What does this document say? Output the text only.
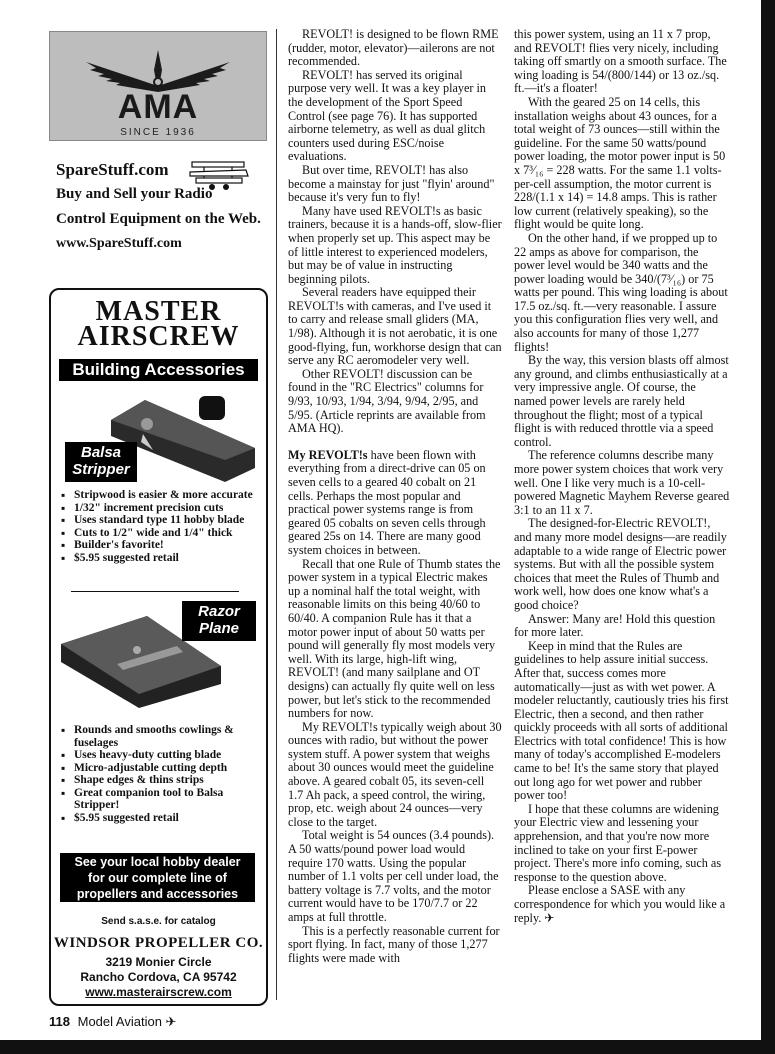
AMA
SINCE 1936
SpareStuff.com
Buy and Sell your Radio
Control Equipment on the Web.
www.SpareStuff.com
MASTER
AIRSCREW
Building Accessories
Balsa
Stripper
▪ Stripwood is easier & more accurate
▪ 1/32" increment precision cuts
▪ Uses standard type 11 hobby blade
▪ Cuts to 1/2" wide and 1/4" thick
▪ Builder's favorite!
▪ $5.95 suggested retail
Razor
Plane
▪ Rounds and smooths cowlings & fuselages
▪ Uses heavy-duty cutting blade
▪ Micro-adjustable cutting depth
▪ Shape edges & thins strips
▪ Great companion tool to Balsa Stripper!
▪ $5.95 suggested retail
See your local hobby dealer
for our complete line of
propellers and accessories
Send s.a.s.e. for catalog
WINDSOR PROPELLER CO.
3219 Monier Circle
Rancho Cordova, CA 95742
www.masterairscrew.com

REVOLT! is designed to be flown RME (rudder, motor, elevator)—ailerons are not recommended.

REVOLT! has served its original purpose very well. It was a key player in the development of the Sport Speed Control (see page 76). It has supported airborne telemetry, as well as dual glitch counters used during ESC/noise evaluations.

But over time, REVOLT! has also become a mainstay for just "flyin' around" because it's very fun to fly!

Many have used REVOLT!s as basic trainers, because it is a hands-off, slow-flier when properly set up. This aspect may be of little interest to experienced modelers, but may be of value in instructing beginning pilots.

Several readers have equipped their REVOLT!s with cameras, and I've used it to carry and release small gliders (MA, 1/98). Although it is not aerobatic, it is one good-flying, fun, workhorse design that can serve any RC aeromodeler very well.

Other REVOLT! discussion can be found in the "RC Electrics" columns for 9/93, 10/93, 1/94, 3/94, 9/94, 2/95, and 5/95. (Article reprints are available from AMA HQ).

My REVOLT!s have been flown with everything from a direct-drive can 05 on seven cells to a geared 40 cobalt on 21 cells. Perhaps the most popular and practical power systems range is from geared 05 cobalts on seven cells through geared 25s on 14. There are many good system choices in between.

Recall that one Rule of Thumb states the power system in a typical Electric makes up a nominal half the total weight, with reasonable limits on this being 40/60 to 60/40. A companion Rule has it that a motor power input of about 50 watts per pound will generally fly most models very well. With its large, high-lift wing, REVOLT! (and many sailplane and OT designs) can actually fly quite well on less power, but let's stick to the recommended numbers for now.

My REVOLT!s typically weigh about 30 ounces with radio, but without the power system stuff. A power system that weighs about 30 ounces would meet the guideline above. A geared cobalt 05, its seven-cell 1.7 Ah pack, a speed control, the wiring, prop, etc. weigh about 24 ounces—very close to the target.

Total weight is 54 ounces (3.4 pounds). A 50 watts/pound power load would require 170 watts. Using the popular number of 1.1 volts per cell under load, the battery voltage is 7.7 volts, and the motor current would have to be 170/7.7 or 22 amps at full throttle.

This is a perfectly reasonable current for sport flying. In fact, many of those 1,277 flights were made with

this power system, using an 11 x 7 prop, and REVOLT! flies very nicely, including taking off smartly on a smooth surface. The wing loading is 54/(800/144) or 13 oz./sq. ft.—it's a floater!

With the geared 25 on 14 cells, this installation weighs about 43 ounces, for a total weight of 73 ounces—still within the guideline. For the same 50 watts/pound power loading, the motor power input is 50 x 7³⁄₁₆ = 228 watts. For the same 1.1 volts-per-cell assumption, the motor current is 228/(1.1 x 14) = 14.8 amps. This is rather low current (relatively speaking), so the flight would be quite long.

On the other hand, if we propped up to 22 amps as above for comparison, the power level would be 340 watts and the power loading would be 340/(7³⁄₁₆) or 75 watts per pound. This wing loading is about 17.5 oz./sq. ft.—very reasonable. I assure you this configuration flies very well, and also accounts for many of those 1,277 flights!

By the way, this version blasts off almost any ground, and climbs enthusiastically at a very impressive angle. Of course, the named power levels are rarely held throughout the flight; most of a typical flight is with reduced throttle via a speed control.

The reference columns describe many more power system choices that work very well. One I like very much is a 10-cell-powered Magnetic Mayhem Reverse geared 3:1 to an 11 x 7.

The designed-for-Electric REVOLT!, and many more model designs—are readily adaptable to a wide range of Electric power systems. But with all the possible system choices that meet the Rules of Thumb and work well, how does one know what's a good choice?

Answer: Many are! Hold this question for more later.

Keep in mind that the Rules are guidelines to help assure initial success. After that, success comes more automatically—just as with wet power. A modeler reluctantly, cautiously tries his first Electric, then a second, and then rather quickly proceeds with all sorts of additional Electrics with total confidence! This is how many of today's accomplished E-modelers came to be! It's the same story that played out long ago for wet power and rubber power too!

I hope that these columns are widening your Electric view and lessening your apprehension, and that you're now more inclined to take on your first E-power project. There's more info coming, such as response to the question above.

Please enclose a SASE with any correspondence for which you would like a reply. ✈

118 Model Aviation ✈
